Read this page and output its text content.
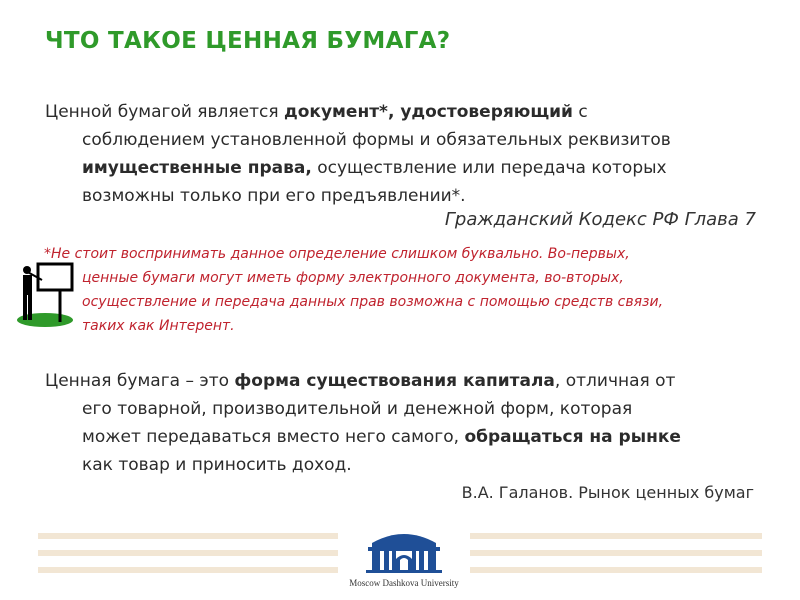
ЧТО ТАКОЕ ЦЕННАЯ БУМАГА?
Ценной бумагой является документ*, удостоверяющий с
соблюдением установленной формы и обязательных реквизитов
имущественные права, осуществление или передача которых
возможны только при его предъявлении*.
Гражданский Кодекс РФ Глава 7
*Не стоит воспринимать данное определение слишком буквально. Во-первых,
ценные бумаги могут иметь форму электронного документа, во-вторых,
осуществление и передача данных прав возможна с помощью средств связи,
таких как Интерент.
Ценная бумага – это форма существования капитала, отличная от
его товарной, производительной и денежной форм, которая
может передаваться вместо него самого, обращаться на рынке
как товар и приносить доход.
В.А. Галанов. Рынок ценных бумаг
Moscow Dashkova University
